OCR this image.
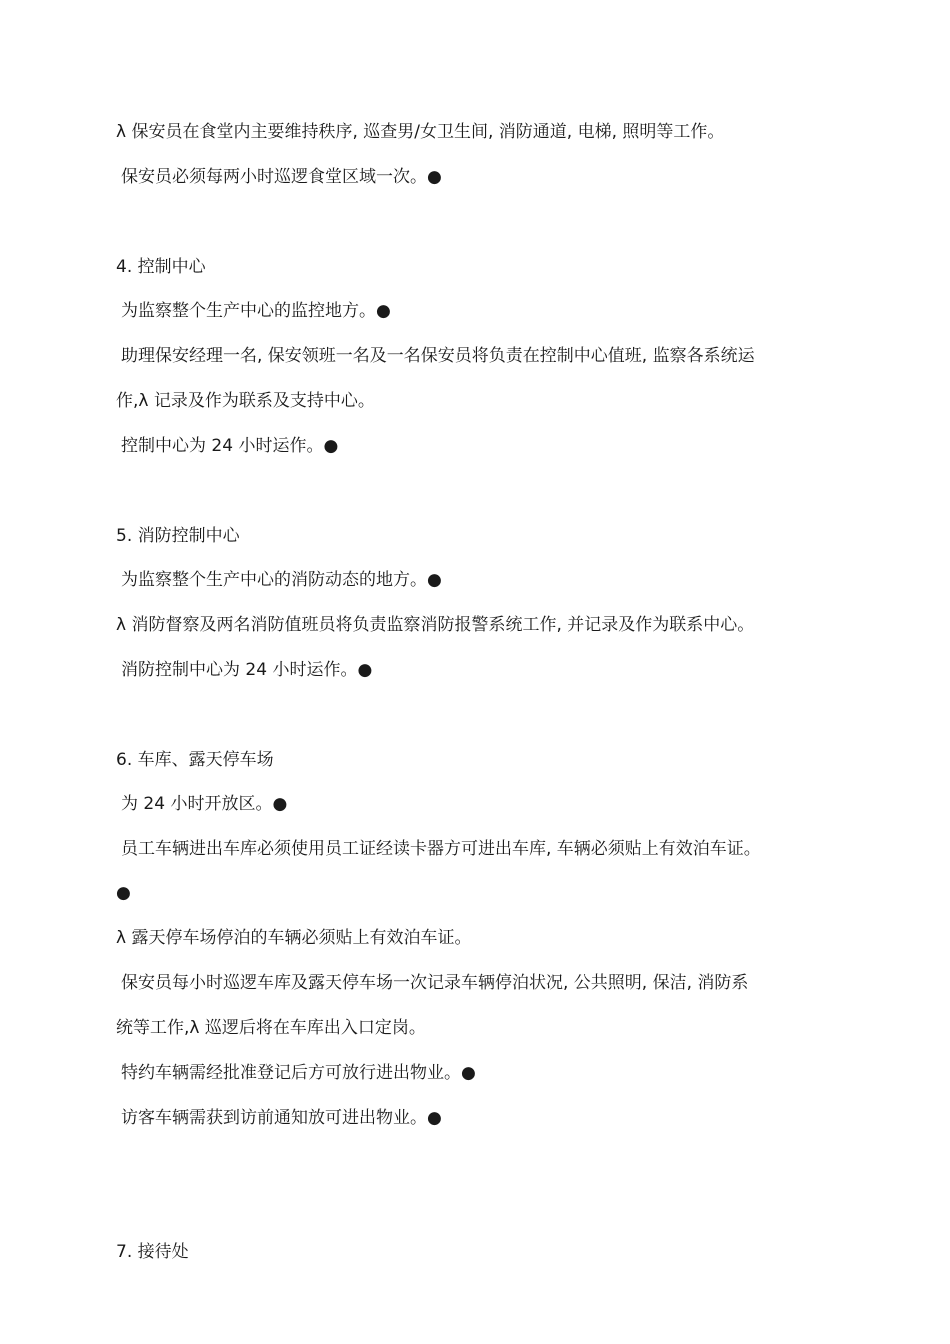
λ 保安员在食堂内主要维持秩序, 巡查男/女卫生间, 消防通道, 电梯, 照明等工作。
保安员必须每两小时巡逻食堂区域一次。●
4. 控制中心
为监察整个生产中心的监控地方。●
助理保安经理一名, 保安领班一名及一名保安员将负责在控制中心值班, 监察各系统运
作,λ 记录及作为联系及支持中心。
控制中心为 24 小时运作。●
5. 消防控制中心
为监察整个生产中心的消防动态的地方。●
λ 消防督察及两名消防值班员将负责监察消防报警系统工作, 并记录及作为联系中心。
消防控制中心为 24 小时运作。●
6. 车库、露天停车场
为 24 小时开放区。●
员工车辆进出车库必须使用员工证经读卡器方可进出车库, 车辆必须贴上有效泊车证。
●
λ 露天停车场停泊的车辆必须贴上有效泊车证。
保安员每小时巡逻车库及露天停车场一次记录车辆停泊状况, 公共照明, 保洁, 消防系
统等工作,λ 巡逻后将在车库出入口定岗。
特约车辆需经批准登记后方可放行进出物业。●
访客车辆需获到访前通知放可进出物业。●
7. 接待处
